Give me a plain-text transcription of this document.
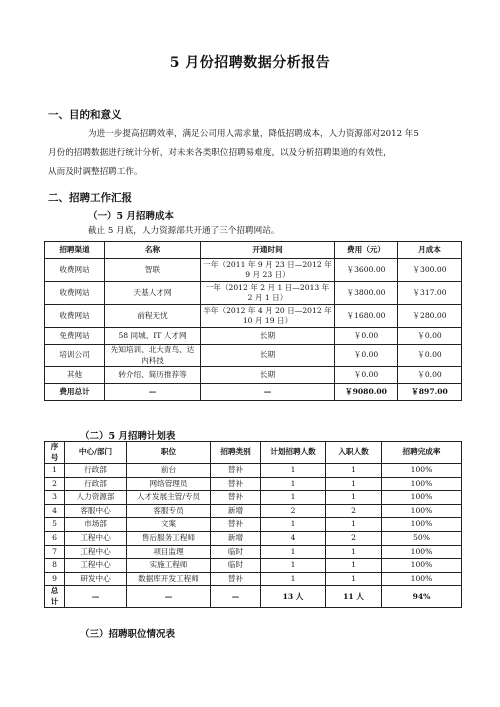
5 月份招聘数据分析报告
一、目的和意义
为进一步提高招聘效率，满足公司用人需求量，降低招聘成本，人力资源部对2012 年5
月份的招聘数据进行统计分析，对未来各类职位招聘易难度，以及分析招聘渠道的有效性，
从而及时调整招聘工作。
二、招聘工作汇报
（一）5 月招聘成本
截止 5 月底，人力资源部共开通了三个招聘网站。
招聘渠道	名称	开通时间	费用（元）	月成本
收费网站	智联	一年（2011 年 9 月 23 日—2012 年 9 月 23 日）	￥3600.00	￥300.00
收费网站	天基人才网	一年（2012 年 2 月 1 日—2013 年 2 月 1 日）	￥3800.00	￥317.00
收费网站	前程无忧	半年（2012 年 4 月 20 日—2012 年 10 月 19 日）	￥1680.00	￥280.00
免费网站	58 同城、IT 人才网	长期	￥0.00	￥0.00
培训公司	先知培训、北大青鸟、达内科技	长期	￥0.00	￥0.00
其他	转介绍、简历推荐等	长期	￥0.00	￥0.00
费用总计	—	—	￥9080.00	￥897.00
（二）5 月招聘计划表
序号	中心/部门	职位	招聘类别	计划招聘人数	入职人数	招聘完成率
1	行政部	前台	替补	1	1	100%
2	行政部	网络管理员	替补	1	1	100%
3	人力资源部	人才发展主管/专员	替补	1	1	100%
4	客服中心	客服专员	新增	2	2	100%
5	市场部	文案	替补	1	1	100%
6	工程中心	售后服务工程师	新增	4	2	50%
7	工程中心	项目监理	临时	1	1	100%
8	工程中心	实施工程师	临时	1	1	100%
9	研发中心	数据库开发工程师	替补	1	1	100%
总计	—	—	—	13 人	11 人	94%
（三）招聘职位情况表
